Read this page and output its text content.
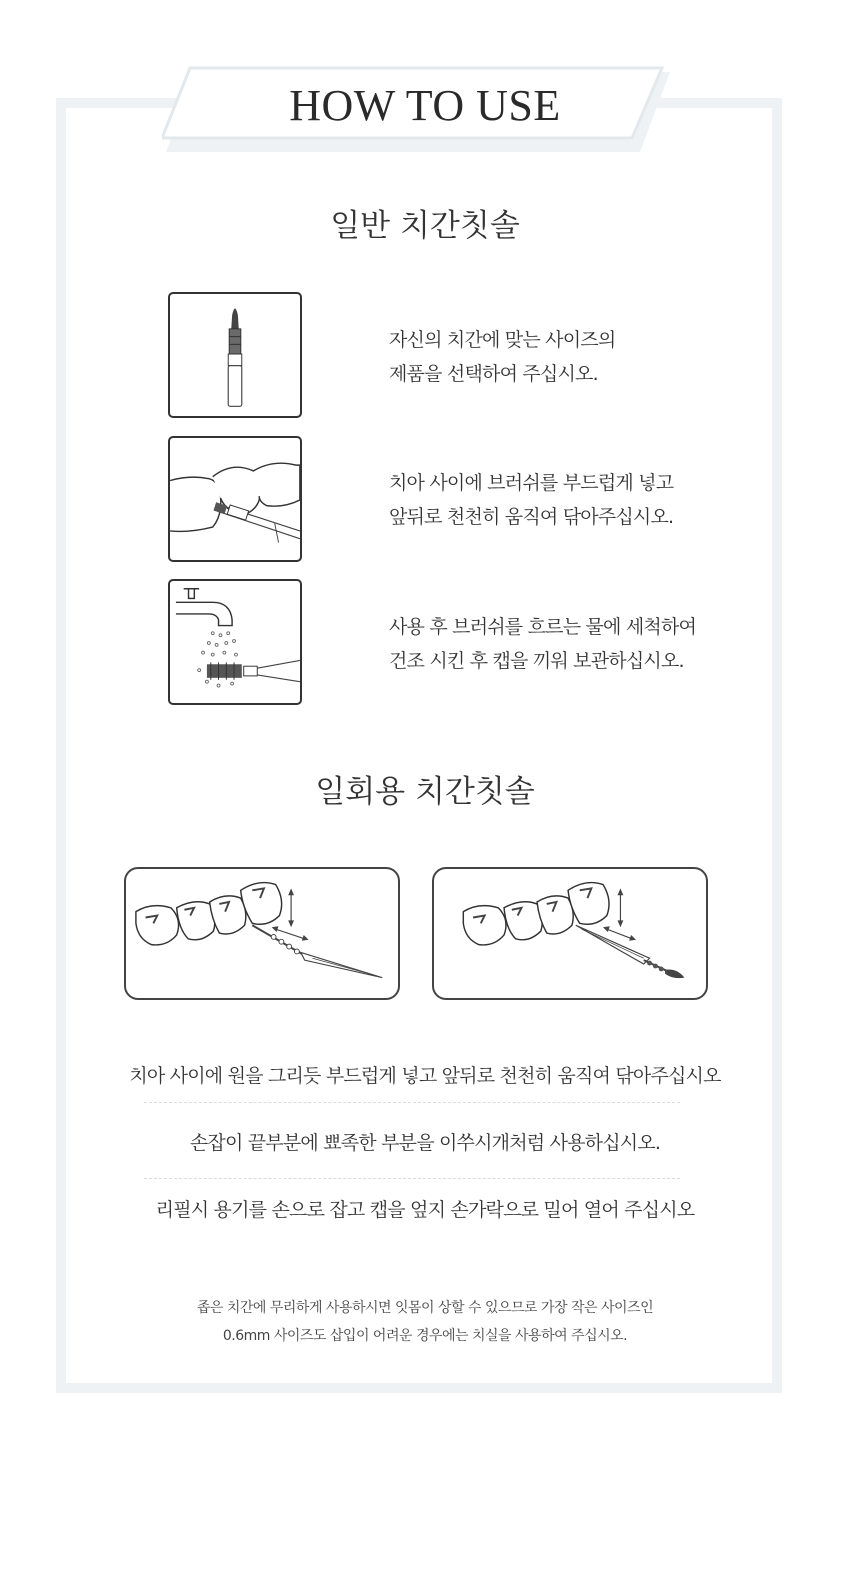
HOW TO USE
일반 치간칫솔
자신의 치간에 맞는 사이즈의
제품을 선택하여 주십시오.
치아 사이에 브러쉬를 부드럽게 넣고
앞뒤로 천천히 움직여 닦아주십시오.
사용 후 브러쉬를 흐르는 물에 세척하여
건조 시킨 후 캡을 끼워 보관하십시오.
일회용 치간칫솔
치아 사이에 원을 그리듯 부드럽게 넣고 앞뒤로 천천히 움직여 닦아주십시오
손잡이 끝부분에 뾰족한 부분을 이쑤시개처럼 사용하십시오.
리필시 용기를 손으로 잡고 캡을 엎지 손가락으로 밀어 열어 주십시오
좁은 치간에 무리하게 사용하시면 잇몸이 상할 수 있으므로 가장 작은 사이즈인
0.6mm 사이즈도 삽입이 어려운 경우에는 치실을 사용하여 주십시오.
